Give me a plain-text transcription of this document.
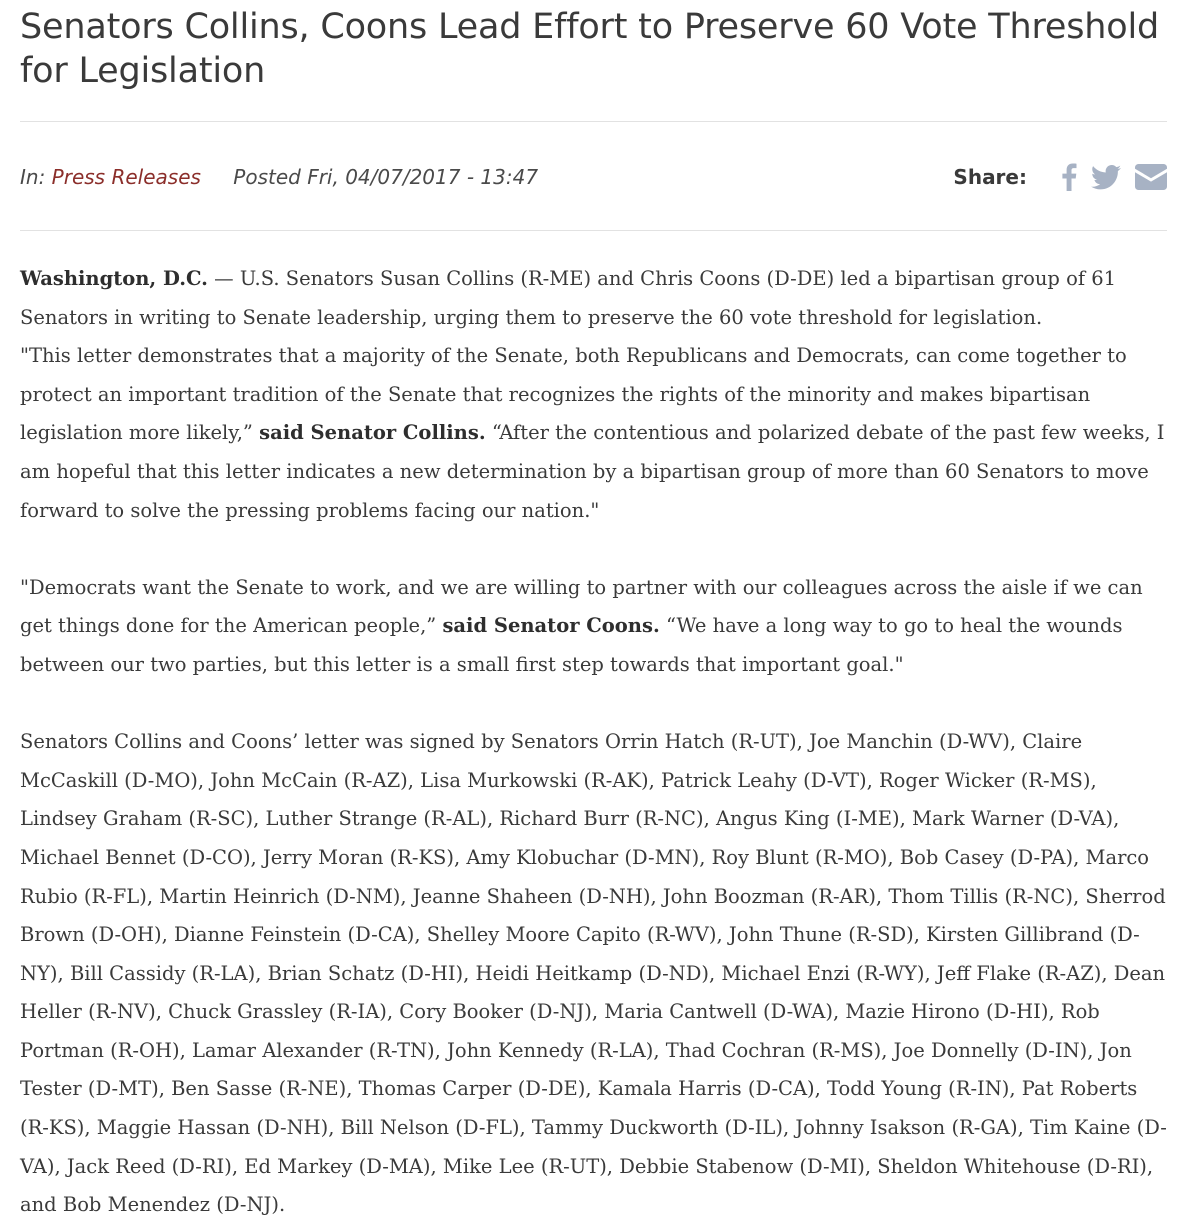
Senators Collins, Coons Lead Effort to Preserve 60 Vote Threshold for Legislation
In: Press Releases Posted Fri, 04/07/2017 - 13:47	Share:

Washington, D.C. — U.S. Senators Susan Collins (R-ME) and Chris Coons (D-DE) led a bipartisan group of 61 Senators in writing to Senate leadership, urging them to preserve the 60 vote threshold for legislation.

"This letter demonstrates that a majority of the Senate, both Republicans and Democrats, can come together to protect an important tradition of the Senate that recognizes the rights of the minority and makes bipartisan legislation more likely,” said Senator Collins. “After the contentious and polarized debate of the past few weeks, I am hopeful that this letter indicates a new determination by a bipartisan group of more than 60 Senators to move forward to solve the pressing problems facing our nation."

"Democrats want the Senate to work, and we are willing to partner with our colleagues across the aisle if we can get things done for the American people,” said Senator Coons. “We have a long way to go to heal the wounds between our two parties, but this letter is a small first step towards that important goal."

Senators Collins and Coons’ letter was signed by Senators Orrin Hatch (R-UT), Joe Manchin (D-WV), Claire McCaskill (D-MO), John McCain (R-AZ), Lisa Murkowski (R-AK), Patrick Leahy (D-VT), Roger Wicker (R-MS), Lindsey Graham (R-SC), Luther Strange (R-AL), Richard Burr (R-NC), Angus King (I-ME), Mark Warner (D-VA), Michael Bennet (D-CO), Jerry Moran (R-KS), Amy Klobuchar (D-MN), Roy Blunt (R-MO), Bob Casey (D-PA), Marco Rubio (R-FL), Martin Heinrich (D-NM), Jeanne Shaheen (D-NH), John Boozman (R-AR), Thom Tillis (R-NC), Sherrod Brown (D-OH), Dianne Feinstein (D-CA), Shelley Moore Capito (R-WV), John Thune (R-SD), Kirsten Gillibrand (D-NY), Bill Cassidy (R-LA), Brian Schatz (D-HI), Heidi Heitkamp (D-ND), Michael Enzi (R-WY), Jeff Flake (R-AZ), Dean Heller (R-NV), Chuck Grassley (R-IA), Cory Booker (D-NJ), Maria Cantwell (D-WA), Mazie Hirono (D-HI), Rob Portman (R-OH), Lamar Alexander (R-TN), John Kennedy (R-LA), Thad Cochran (R-MS), Joe Donnelly (D-IN), Jon Tester (D-MT), Ben Sasse (R-NE), Thomas Carper (D-DE), Kamala Harris (D-CA), Todd Young (R-IN), Pat Roberts (R-KS), Maggie Hassan (D-NH), Bill Nelson (D-FL), Tammy Duckworth (D-IL), Johnny Isakson (R-GA), Tim Kaine (D-VA), Jack Reed (D-RI), Ed Markey (D-MA), Mike Lee (R-UT), Debbie Stabenow (D-MI), Sheldon Whitehouse (D-RI), and Bob Menendez (D-NJ).
